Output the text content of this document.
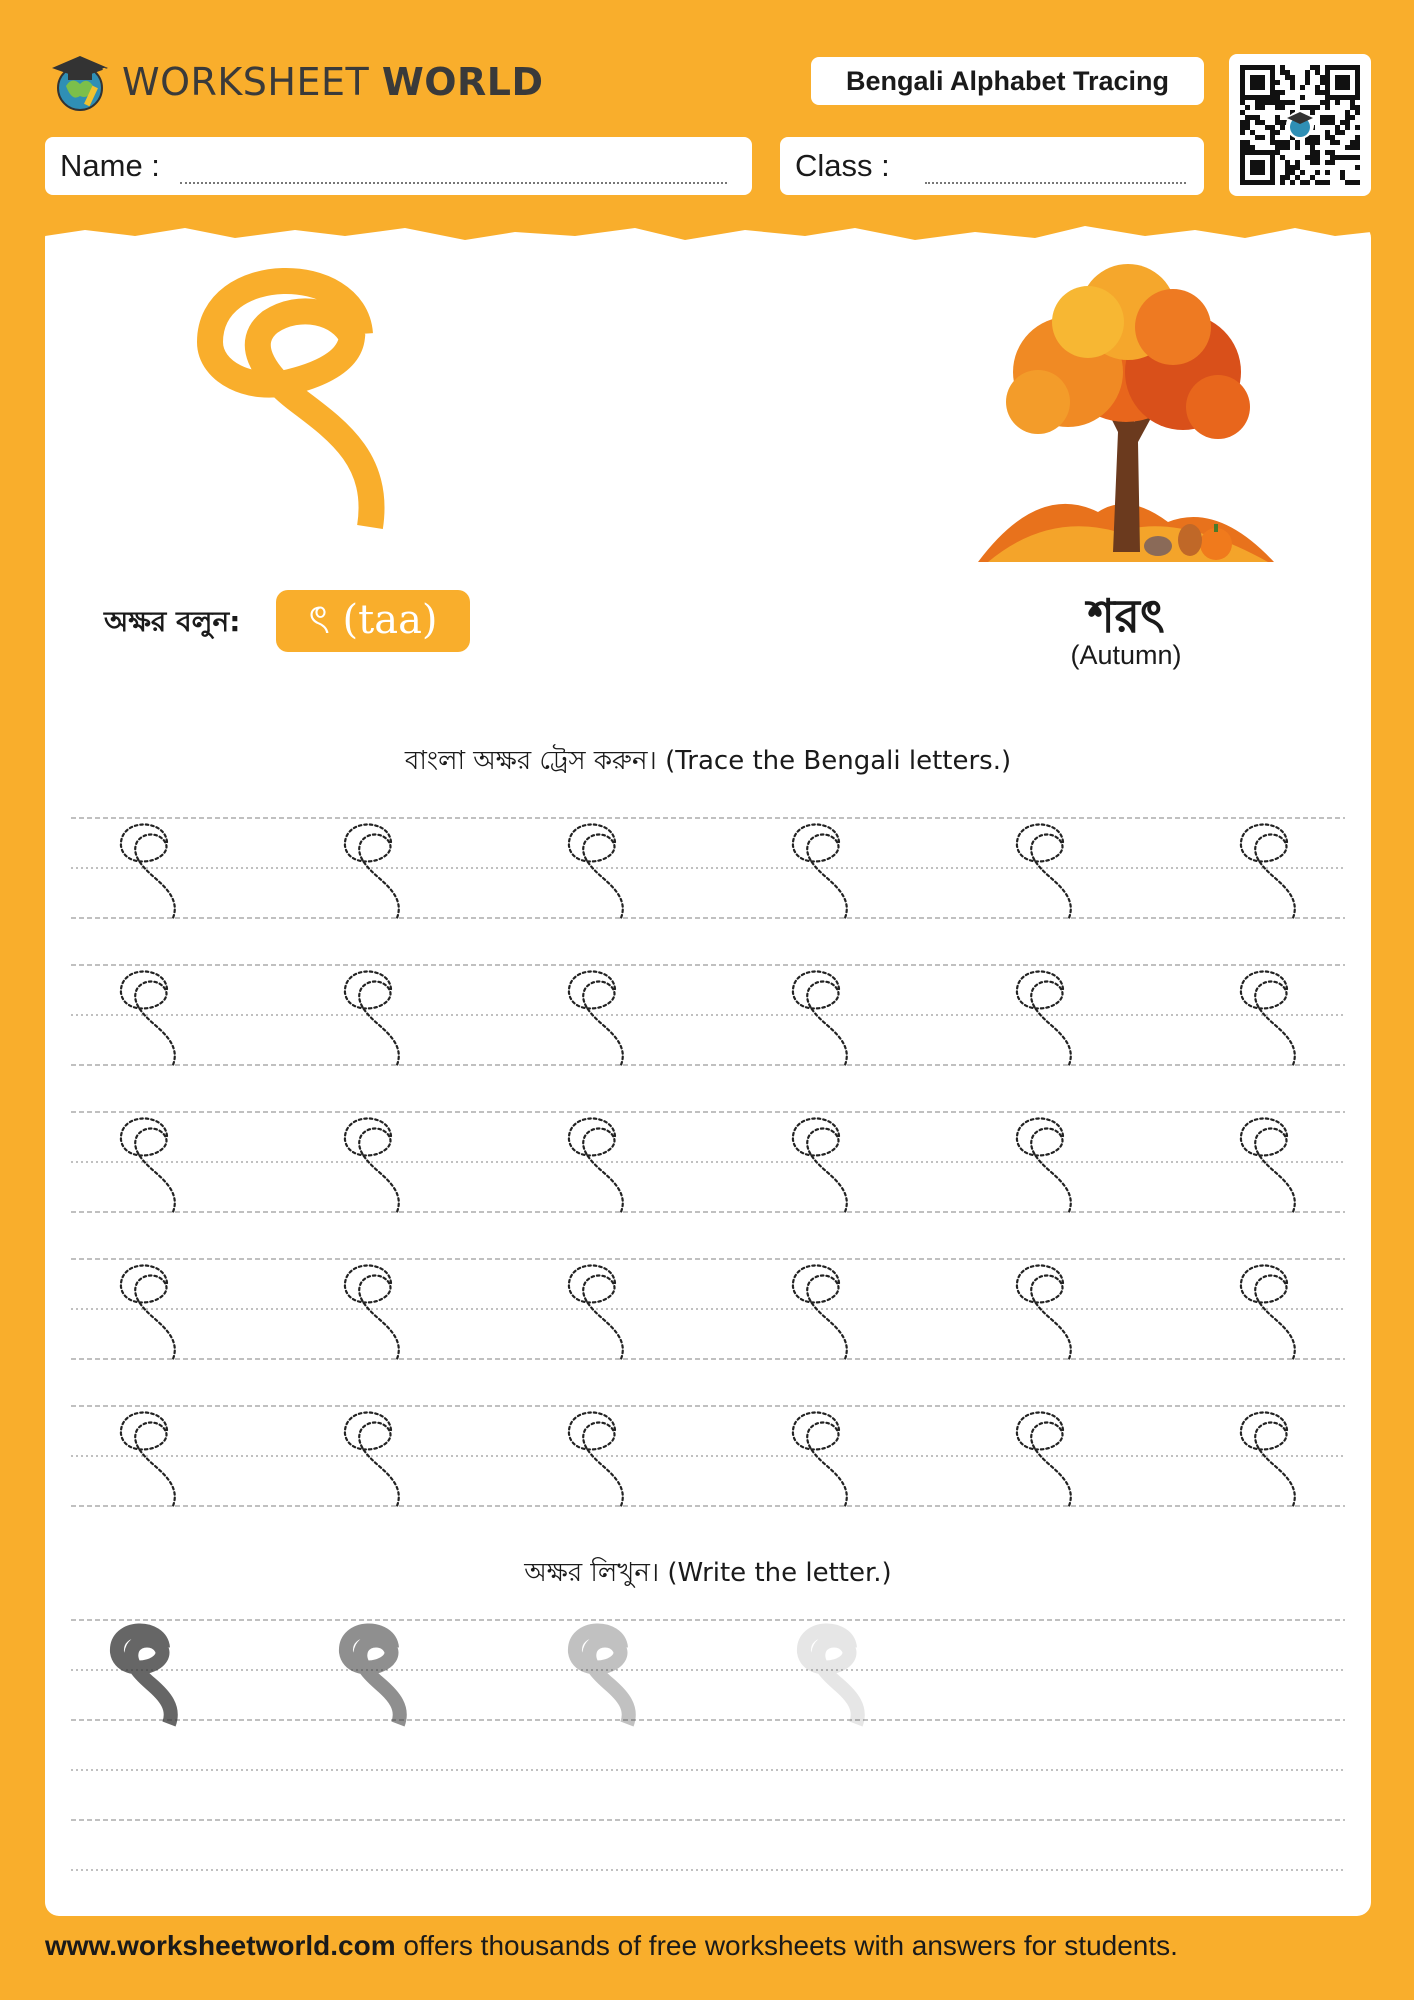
WORKSHEET WORLD	Bengali Alphabet Tracing
Name :	Class :
অক্ষর বলুন:	ৎ (taa)	শরৎ
(Autumn)
বাংলা অক্ষর ট্রেস করুন। (Trace the Bengali letters.)
অক্ষর লিখুন। (Write the letter.)
www.worksheetworld.com offers thousands of free worksheets with answers for students.
